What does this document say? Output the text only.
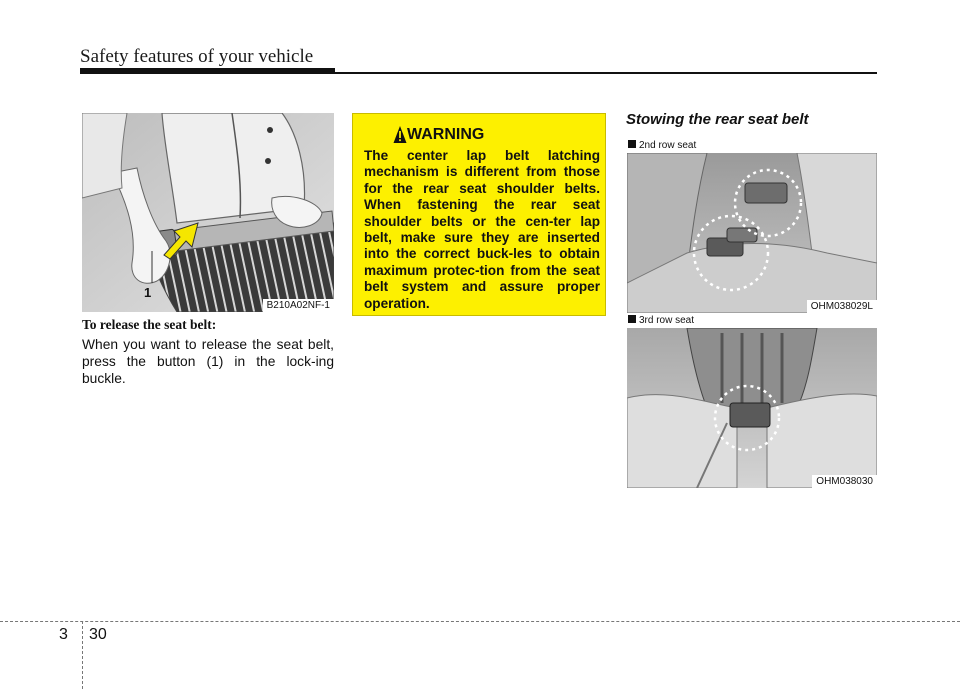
Safety features of your vehicle
1
B210A02NF-1
To release the seat belt:
When you want to release the seat belt, press the button (1) in the lock-ing buckle.
WARNING
The center lap belt latching mechanism is different from those for the rear seat shoulder belts. When fastening the rear seat shoulder belts or the cen-ter lap belt, make sure they are inserted into the correct buck-les to obtain maximum protec-tion from the seat belt system and assure proper operation.
Stowing the rear seat belt
2nd row seat
OHM038029L
3rd row seat
OHM038030
3 30
